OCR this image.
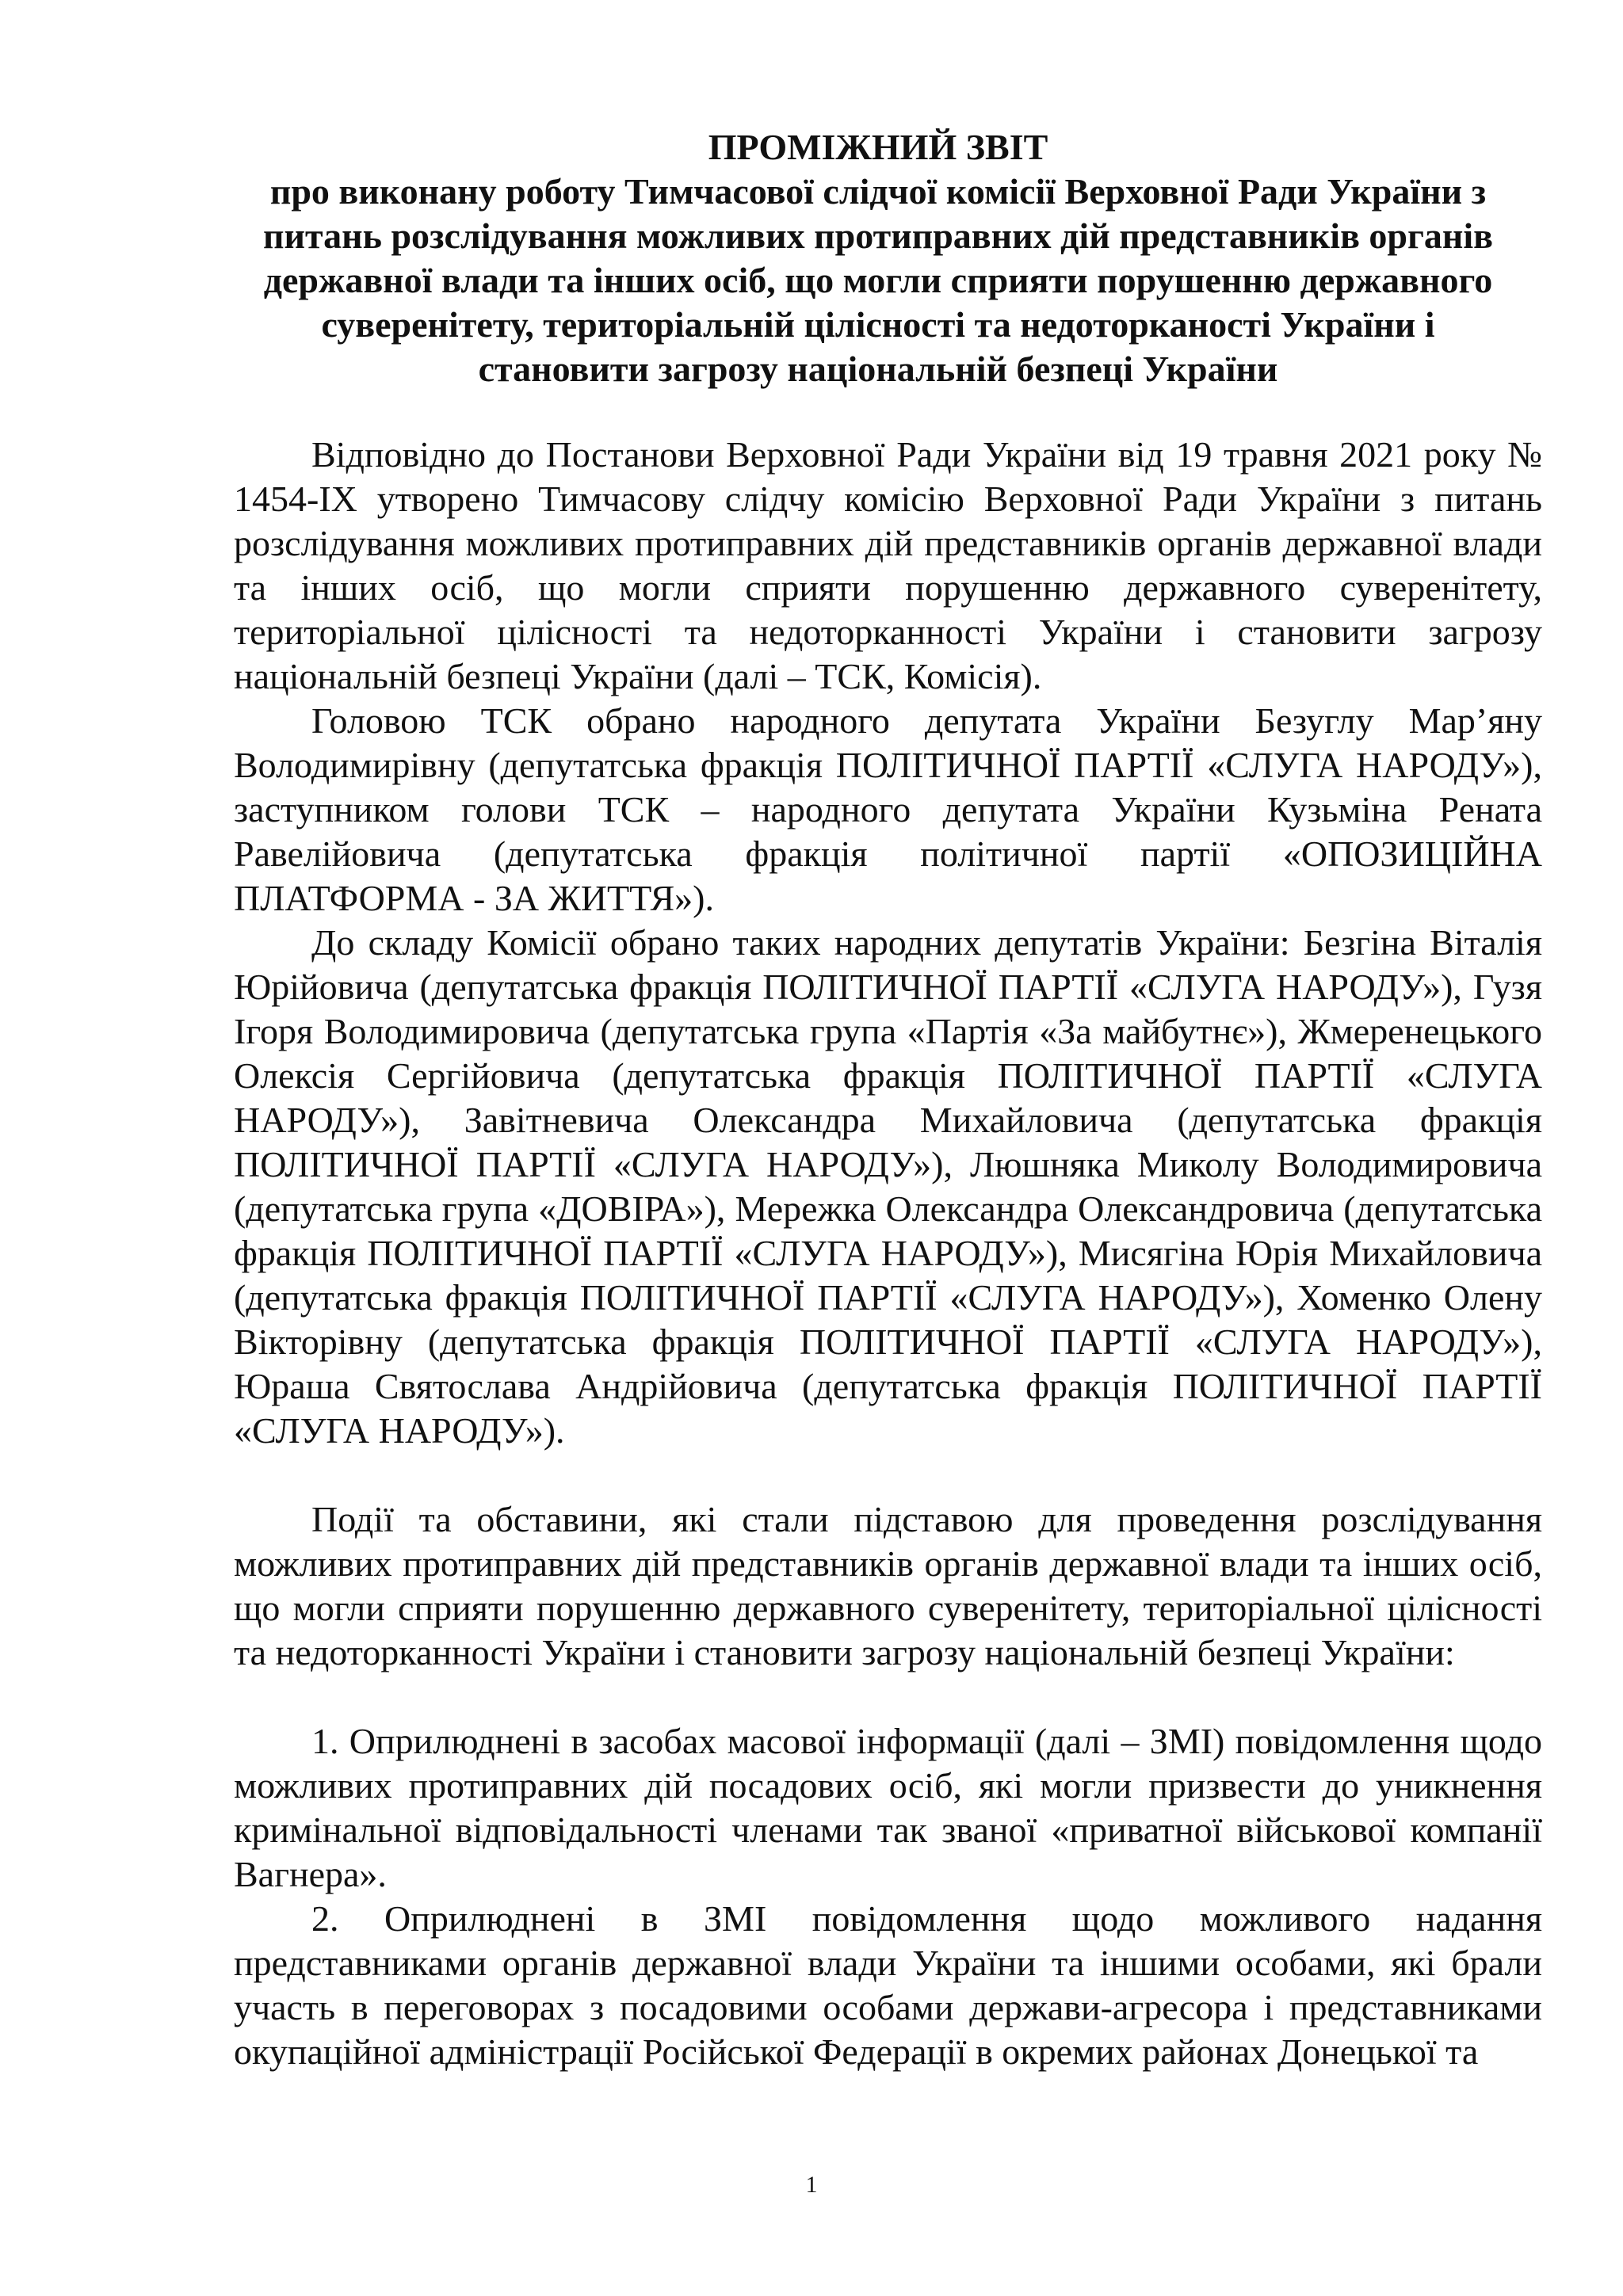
ПРОМІЖНИЙ ЗВІТ
про виконану роботу Тимчасової слідчої комісії Верховної Ради України з
питань розслідування можливих протиправних дій представників органів
державної влади та інших осіб, що могли сприяти порушенню державного
суверенітету, територіальній цілісності та недоторканості України і
становити загрозу національній безпеці України

Відповідно до Постанови Верховної Ради України від 19 травня 2021 року № 1454-IX утворено Тимчасову слідчу комісію Верховної Ради України з питань розслідування можливих протиправних дій представників органів державної влади та інших осіб, що могли сприяти порушенню державного суверенітету, територіальної цілісності та недоторканності України і становити загрозу національній безпеці України (далі – ТСК, Комісія).

Головою ТСК обрано народного депутата України Безуглу Мар’яну Володимирівну (депутатська фракція ПОЛІТИЧНОЇ ПАРТІЇ «СЛУГА НАРОДУ»), заступником голови ТСК – народного депутата України Кузьміна Рената Равелійовича (депутатська фракція політичної партії «ОПОЗИЦІЙНА ПЛАТФОРМА - ЗА ЖИТТЯ»).

До складу Комісії обрано таких народних депутатів України: Безгіна Віталія Юрійовича (депутатська фракція ПОЛІТИЧНОЇ ПАРТІЇ «СЛУГА НАРОДУ»), Гузя Ігоря Володимировича (депутатська група «Партія «За майбутнє»), Жмеренецького Олексія Сергійовича (депутатська фракція ПОЛІТИЧНОЇ ПАРТІЇ «СЛУГА НАРОДУ»), Завітневича Олександра Михайловича (депутатська фракція ПОЛІТИЧНОЇ ПАРТІЇ «СЛУГА НАРОДУ»), Люшняка Миколу Володимировича (депутатська група «ДОВІРА»), Мережка Олександра Олександровича (депутатська фракція ПОЛІТИЧНОЇ ПАРТІЇ «СЛУГА НАРОДУ»), Мисягіна Юрія Михайловича (депутатська фракція ПОЛІТИЧНОЇ ПАРТІЇ «СЛУГА НАРОДУ»), Хоменко Олену Вікторівну (депутатська фракція ПОЛІТИЧНОЇ ПАРТІЇ «СЛУГА НАРОДУ»), Юраша Святослава Андрійовича (депутатська фракція ПОЛІТИЧНОЇ ПАРТІЇ «СЛУГА НАРОДУ»).

Події та обставини, які стали підставою для проведення розслідування можливих протиправних дій представників органів державної влади та інших осіб, що могли сприяти порушенню державного суверенітету, територіальної цілісності та недоторканності України і становити загрозу національній безпеці України:

1. Оприлюднені в засобах масової інформації (далі – ЗМІ) повідомлення щодо можливих протиправних дій посадових осіб, які могли призвести до уникнення кримінальної відповідальності членами так званої «приватної військової компанії Вагнера».

2. Оприлюднені в ЗМІ повідомлення щодо можливого надання представниками органів державної влади України та іншими особами, які брали участь в переговорах з посадовими особами держави-агресора і представниками окупаційної адміністрації Російської Федерації в окремих районах Донецької та

1
